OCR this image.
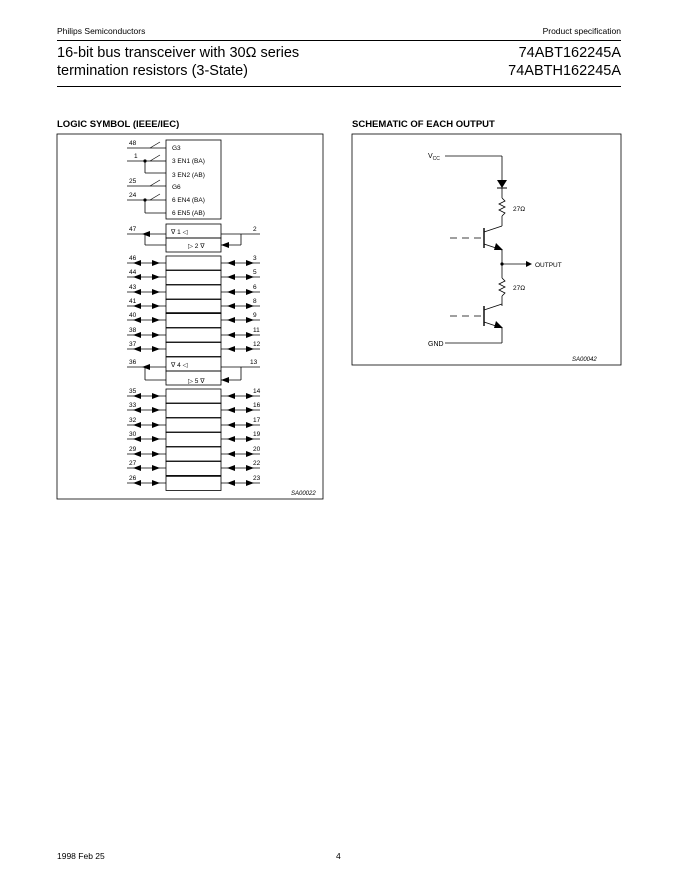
Philips Semiconductors	Product specification
16-bit bus transceiver with 30Ω series
termination resistors (3-State)
74ABT162245A
74ABTH162245A
LOGIC SYMBOL (IEEE/IEC)	SCHEMATIC OF EACH OUTPUT
48
1
25
24
G3
3 EN1 (BA)
3 EN2 (AB)
G6
6 EN4 (BA)
6 EN5 (AB)
∇ 1 ◁
▷ 2 ∇
47	2
∇ 4 ◁
▷ 5 ∇
36	13
46	3
44	5
43	6
41	8
40	9
38	11
37	12
35	14
33	16
32	17
30	19
29	20
27	22
26	23
SA00022
$V_{CC}$
27Ω
OUTPUT
27Ω
GND
SA00042
1998 Feb 25	4
